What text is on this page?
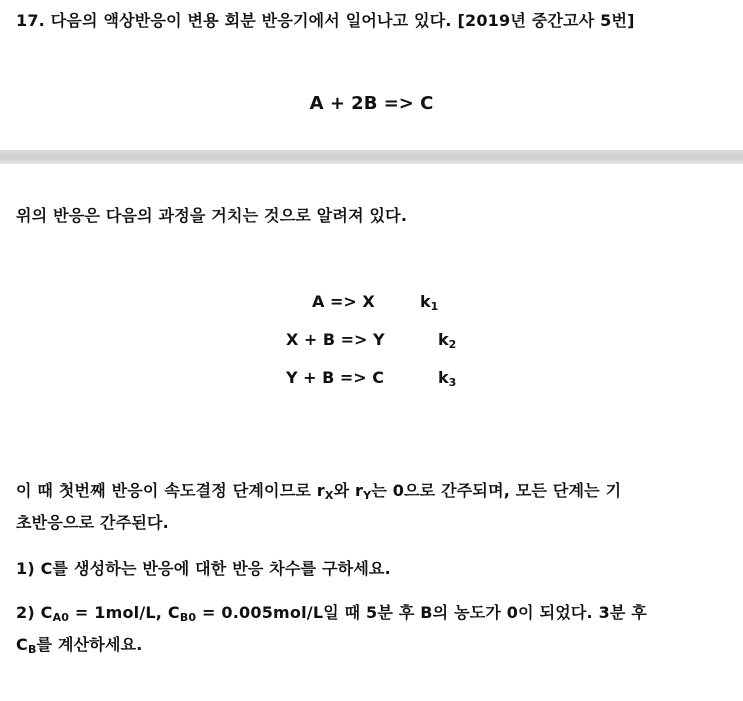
17. 다음의 액상반응이 변용 회분 반응기에서 일어나고 있다. [2019년 중간고사 5번]
A + 2B => C
위의 반응은 다음의 과정을 거치는 것으로 알려져 있다.
A => X	$k_1$
X + B => Y	$k_2$
Y + B => C	$k_3$
이 때 첫번째 반응이 속도결정 단계이므로 $r_X$와 $r_Y$는 0으로 간주되며, 모든 단계는 기
초반응으로 간주된다.
1) C를 생성하는 반응에 대한 반응 차수를 구하세요.
2) $C_{A0} = 1mol/L$, $C_{B0} = 0.005mol/L$일 때 5분 후 B의 농도가 0이 되었다. 3분 후
$C_B$를 계산하세요.
